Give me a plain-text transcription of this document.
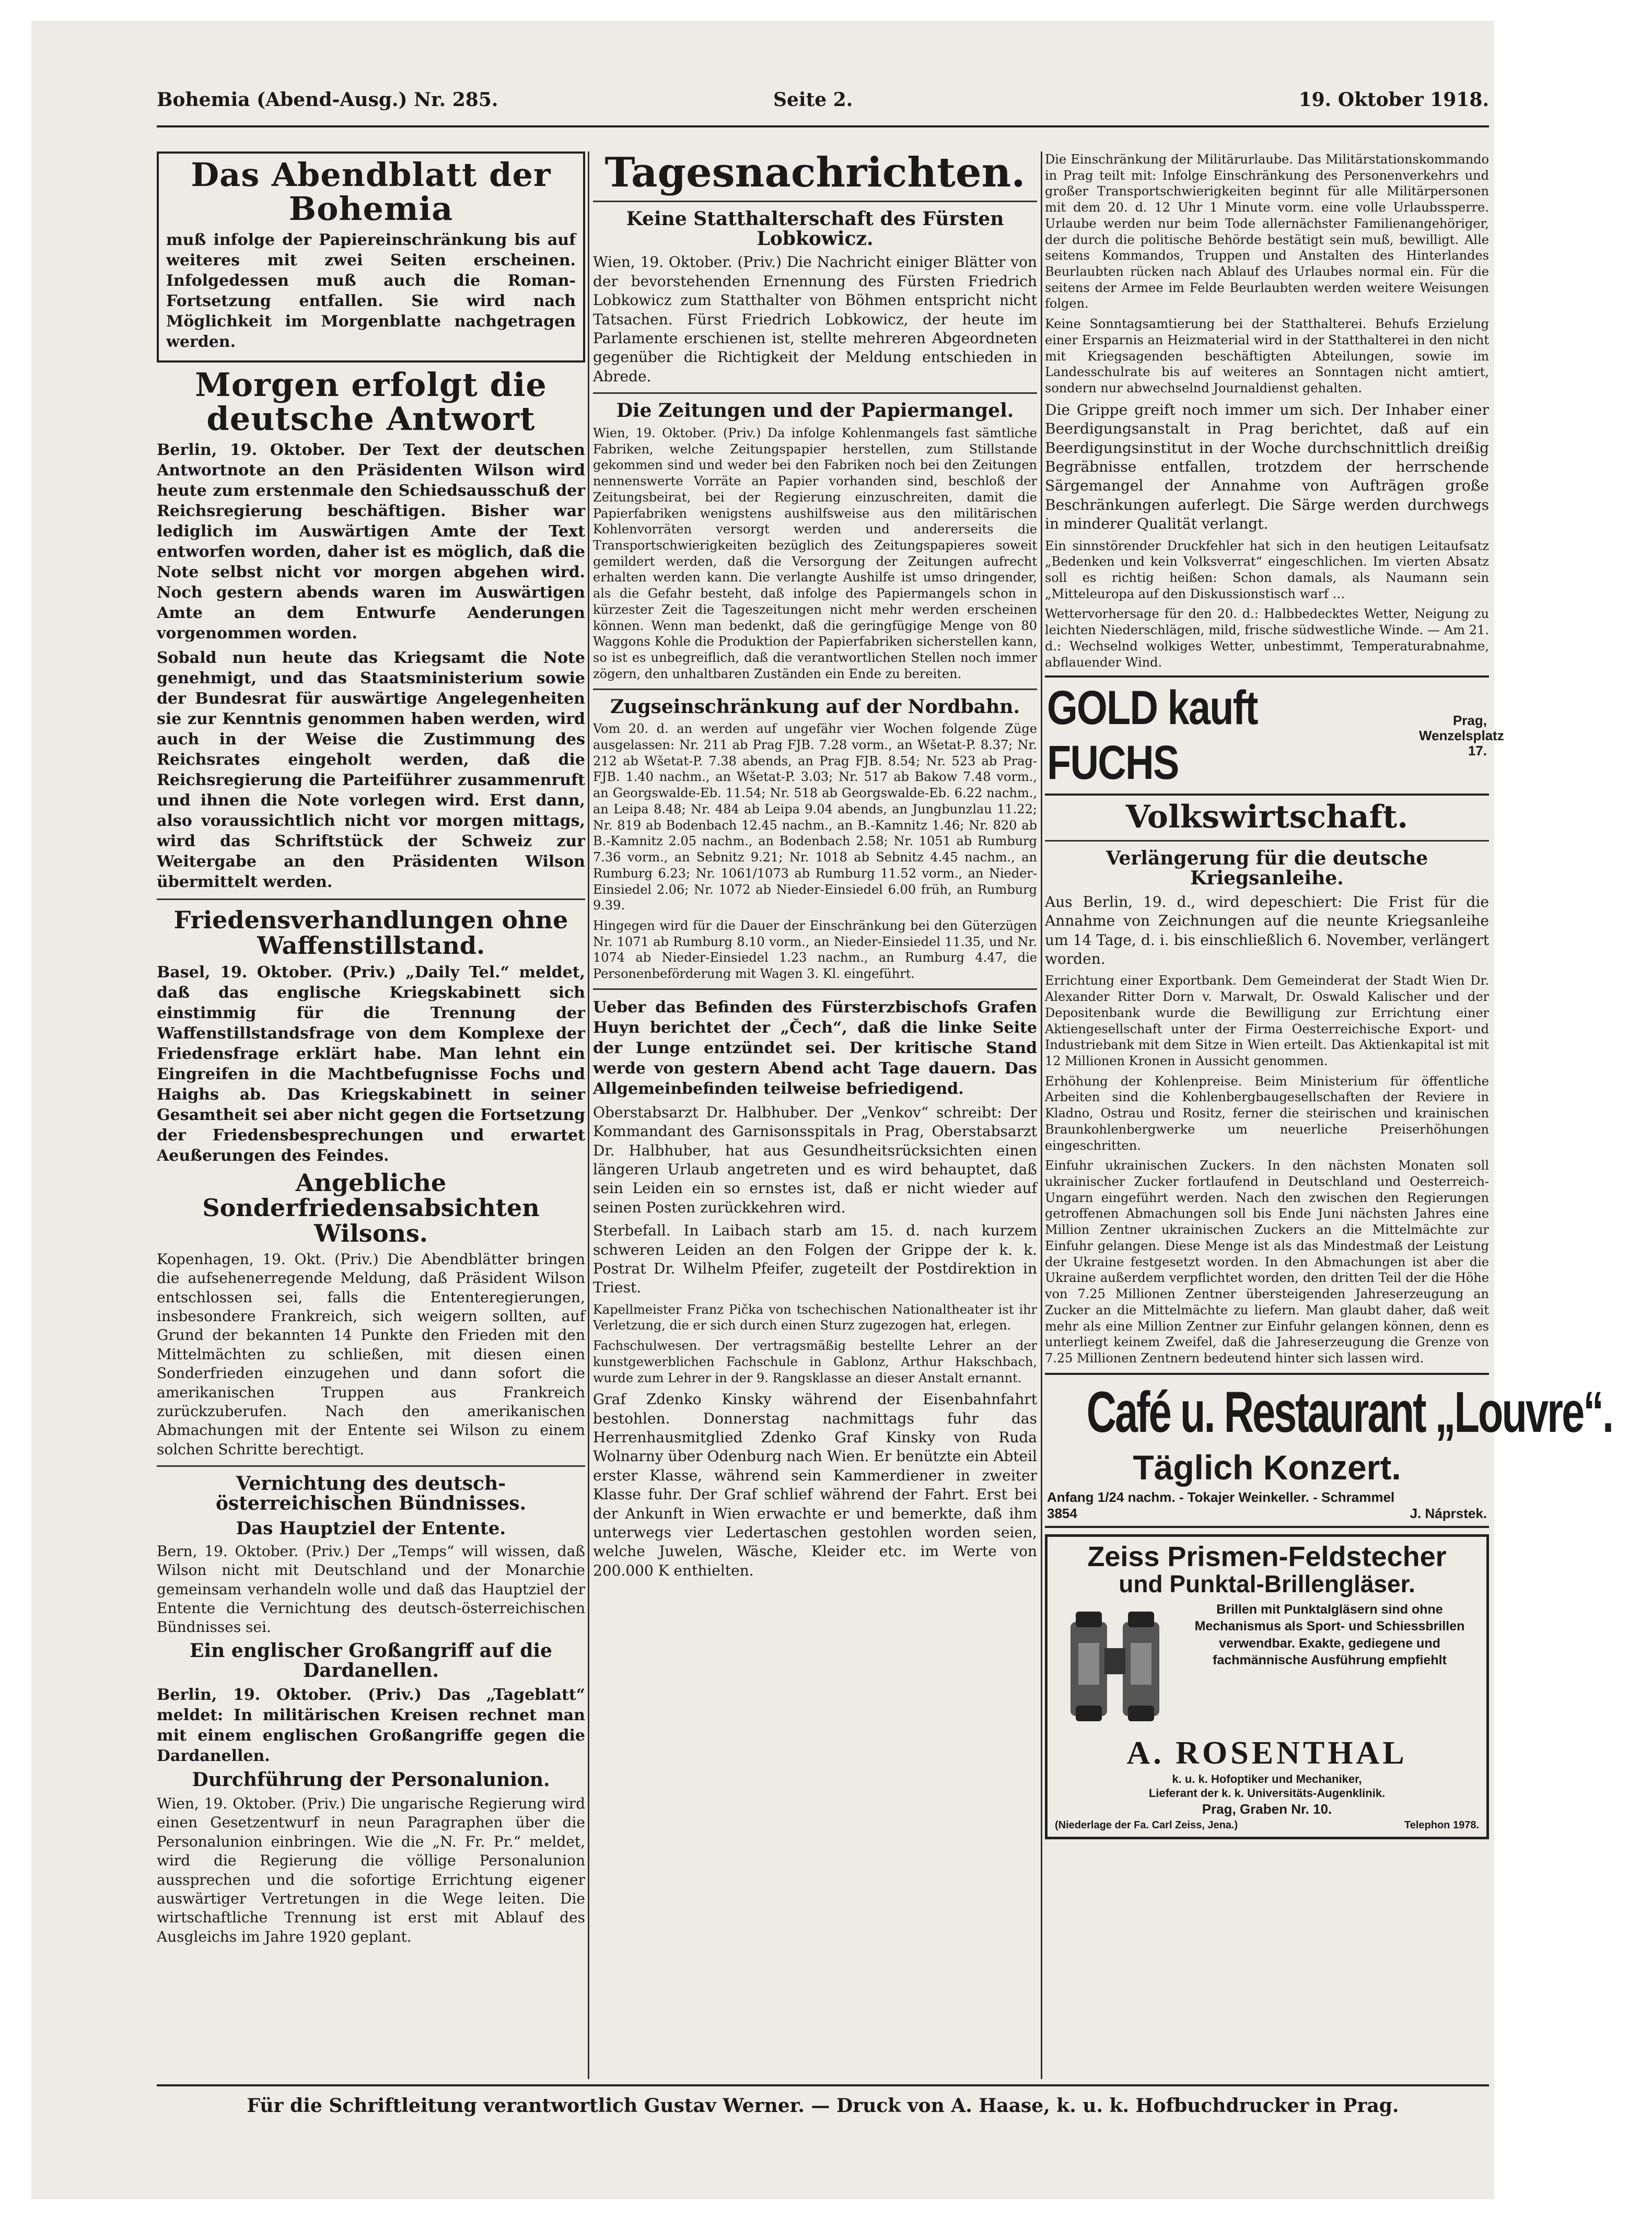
Bohemia (Abend-Ausg.) Nr. 285.	Seite 2.	19. Oktober 1918.
Das Abendblatt der Bohemia

muß infolge der Papiereinschränkung bis auf weiteres mit zwei Seiten erscheinen. Infolgedessen muß auch die Roman-Fortsetzung entfallen. Sie wird nach Möglichkeit im Morgenblatte nachgetragen werden.

Morgen erfolgt die deutsche Antwort

Berlin, 19. Oktober. Der Text der deutschen Antwortnote an den Präsidenten Wilson wird heute zum erstenmale den Schiedsausschuß der Reichsregierung beschäftigen. Bisher war lediglich im Auswärtigen Amte der Text entworfen worden, daher ist es möglich, daß die Note selbst nicht vor morgen abgehen wird. Noch gestern abends waren im Auswärtigen Amte an dem Entwurfe Aenderungen vorgenommen worden.

Sobald nun heute das Kriegsamt die Note genehmigt, und das Staatsministerium sowie der Bundesrat für auswärtige Angelegenheiten sie zur Kenntnis genommen haben werden, wird auch in der Weise die Zustimmung des Reichsrates eingeholt werden, daß die Reichsregierung die Parteiführer zusammenruft und ihnen die Note vorlegen wird. Erst dann, also voraussichtlich nicht vor morgen mittags, wird das Schriftstück der Schweiz zur Weitergabe an den Präsidenten Wilson übermittelt werden.

Friedensverhandlungen ohne Waffenstillstand.

Basel, 19. Oktober. (Priv.) „Daily Tel.“ meldet, daß das englische Kriegskabinett sich einstimmig für die Trennung der Waffenstillstandsfrage von dem Komplexe der Friedensfrage erklärt habe. Man lehnt ein Eingreifen in die Machtbefugnisse Fochs und Haighs ab. Das Kriegskabinett in seiner Gesamtheit sei aber nicht gegen die Fortsetzung der Friedensbesprechungen und erwartet Aeußerungen des Feindes.

Angebliche Sonderfriedensabsichten Wilsons.

Kopenhagen, 19. Okt. (Priv.) Die Abendblätter bringen die aufsehenerregende Meldung, daß Präsident Wilson entschlossen sei, falls die Ententeregierungen, insbesondere Frankreich, sich weigern sollten, auf Grund der bekannten 14 Punkte den Frieden mit den Mittelmächten zu schließen, mit diesen einen Sonderfrieden einzugehen und dann sofort die amerikanischen Truppen aus Frankreich zurückzuberufen. Nach den amerikanischen Abmachungen mit der Entente sei Wilson zu einem solchen Schritte berechtigt.

Vernichtung des deutsch-österreichischen Bündnisses.
Das Hauptziel der Entente.

Bern, 19. Oktober. (Priv.) Der „Temps“ will wissen, daß Wilson nicht mit Deutschland und der Monarchie gemeinsam verhandeln wolle und daß das Hauptziel der Entente die Vernichtung des deutsch-österreichischen Bündnisses sei.

Ein englischer Großangriff auf die Dardanellen.

Berlin, 19. Oktober. (Priv.) Das „Tageblatt“ meldet: In militärischen Kreisen rechnet man mit einem englischen Großangriffe gegen die Dardanellen.

Durchführung der Personalunion.

Wien, 19. Oktober. (Priv.) Die ungarische Regierung wird einen Gesetzentwurf in neun Paragraphen über die Personalunion einbringen. Wie die „N. Fr. Pr.“ meldet, wird die Regierung die völlige Personalunion aussprechen und die sofortige Errichtung eigener auswärtiger Vertretungen in die Wege leiten. Die wirtschaftliche Trennung ist erst mit Ablauf des Ausgleichs im Jahre 1920 geplant.

Tagesnachrichten.
Keine Statthalterschaft des Fürsten Lobkowicz.

Wien, 19. Oktober. (Priv.) Die Nachricht einiger Blätter von der bevorstehenden Ernennung des Fürsten Friedrich Lobkowicz zum Statthalter von Böhmen entspricht nicht Tatsachen. Fürst Friedrich Lobkowicz, der heute im Parlamente erschienen ist, stellte mehreren Abgeordneten gegenüber die Richtigkeit der Meldung entschieden in Abrede.

Die Zeitungen und der Papiermangel.

Wien, 19. Oktober. (Priv.) Da infolge Kohlenmangels fast sämtliche Fabriken, welche Zeitungspapier herstellen, zum Stillstande gekommen sind und weder bei den Fabriken noch bei den Zeitungen nennenswerte Vorräte an Papier vorhanden sind, beschloß der Zeitungsbeirat, bei der Regierung einzuschreiten, damit die Papierfabriken wenigstens aushilfsweise aus den militärischen Kohlenvorräten versorgt werden und andererseits die Transportschwierigkeiten bezüglich des Zeitungspapieres soweit gemildert werden, daß die Versorgung der Zeitungen aufrecht erhalten werden kann. Die verlangte Aushilfe ist umso dringender, als die Gefahr besteht, daß infolge des Papiermangels schon in kürzester Zeit die Tageszeitungen nicht mehr werden erscheinen können. Wenn man bedenkt, daß die geringfügige Menge von 80 Waggons Kohle die Produktion der Papierfabriken sicherstellen kann, so ist es unbegreiflich, daß die verantwortlichen Stellen noch immer zögern, den unhaltbaren Zuständen ein Ende zu bereiten.

Zugseinschränkung auf der Nordbahn.

Vom 20. d. an werden auf ungefähr vier Wochen folgende Züge ausgelassen: Nr. 211 ab Prag FJB. 7.28 vorm., an Wšetat-P. 8.37; Nr. 212 ab Wšetat-P. 7.38 abends, an Prag FJB. 8.54; Nr. 523 ab Prag-FJB. 1.40 nachm., an Wšetat-P. 3.03; Nr. 517 ab Bakow 7.48 vorm., an Georgswalde-Eb. 11.54; Nr. 518 ab Georgswalde-Eb. 6.22 nachm., an Leipa 8.48; Nr. 484 ab Leipa 9.04 abends, an Jungbunzlau 11.22; Nr. 819 ab Bodenbach 12.45 nachm., an B.-Kamnitz 1.46; Nr. 820 ab B.-Kamnitz 2.05 nachm., an Bodenbach 2.58; Nr. 1051 ab Rumburg 7.36 vorm., an Sebnitz 9.21; Nr. 1018 ab Sebnitz 4.45 nachm., an Rumburg 6.23; Nr. 1061/1073 ab Rumburg 11.52 vorm., an Nieder-Einsiedel 2.06; Nr. 1072 ab Nieder-Einsiedel 6.00 früh, an Rumburg 9.39.

Hingegen wird für die Dauer der Einschränkung bei den Güterzügen Nr. 1071 ab Rumburg 8.10 vorm., an Nieder-Einsiedel 11.35, und Nr. 1074 ab Nieder-Einsiedel 1.23 nachm., an Rumburg 4.47, die Personenbeförderung mit Wagen 3. Kl. eingeführt.

Ueber das Befinden des Fürsterzbischofs Grafen Huyn berichtet der „Čech“, daß die linke Seite der Lunge entzündet sei. Der kritische Stand werde von gestern Abend acht Tage dauern. Das Allgemeinbefinden teilweise befriedigend.

Oberstabsarzt Dr. Halbhuber. Der „Venkov“ schreibt: Der Kommandant des Garnisonsspitals in Prag, Oberstabsarzt Dr. Halbhuber, hat aus Gesundheitsrücksichten einen längeren Urlaub angetreten und es wird behauptet, daß sein Leiden ein so ernstes ist, daß er nicht wieder auf seinen Posten zurückkehren wird.

Sterbefall. In Laibach starb am 15. d. nach kurzem schweren Leiden an den Folgen der Grippe der k. k. Postrat Dr. Wilhelm Pfeifer, zugeteilt der Postdirektion in Triest.

Kapellmeister Franz Pička von tschechischen Nationaltheater ist ihr Verletzung, die er sich durch einen Sturz zugezogen hat, erlegen.

Fachschulwesen. Der vertragsmäßig bestellte Lehrer an der kunstgewerblichen Fachschule in Gablonz, Arthur Hakschbach, wurde zum Lehrer in der 9. Rangsklasse an dieser Anstalt ernannt.

Graf Zdenko Kinsky während der Eisenbahnfahrt bestohlen. Donnerstag nachmittags fuhr das Herrenhausmitglied Zdenko Graf Kinsky von Ruda Wolnarny über Odenburg nach Wien. Er benützte ein Abteil erster Klasse, während sein Kammerdiener in zweiter Klasse fuhr. Der Graf schlief während der Fahrt. Erst bei der Ankunft in Wien erwachte er und bemerkte, daß ihm unterwegs vier Ledertaschen gestohlen worden seien, welche Juwelen, Wäsche, Kleider etc. im Werte von 200.000 K enthielten.

Die Einschränkung der Militärurlaube. Das Militärstationskommando in Prag teilt mit: Infolge Einschränkung des Personenverkehrs und großer Transportschwierigkeiten beginnt für alle Militärpersonen mit dem 20. d. 12 Uhr 1 Minute vorm. eine volle Urlaubssperre. Urlaube werden nur beim Tode allernächster Familienangehöriger, der durch die politische Behörde bestätigt sein muß, bewilligt. Alle seitens Kommandos, Truppen und Anstalten des Hinterlandes Beurlaubten rücken nach Ablauf des Urlaubes normal ein. Für die seitens der Armee im Felde Beurlaubten werden weitere Weisungen folgen.

Keine Sonntagsamtierung bei der Statthalterei. Behufs Erzielung einer Ersparnis an Heizmaterial wird in der Statthalterei in den nicht mit Kriegsagenden beschäftigten Abteilungen, sowie im Landesschulrate bis auf weiteres an Sonntagen nicht amtiert, sondern nur abwechselnd Journaldienst gehalten.

Die Grippe greift noch immer um sich. Der Inhaber einer Beerdigungsanstalt in Prag berichtet, daß auf ein Beerdigungsinstitut in der Woche durchschnittlich dreißig Begräbnisse entfallen, trotzdem der herrschende Särgemangel der Annahme von Aufträgen große Beschränkungen auferlegt. Die Särge werden durchwegs in minderer Qualität verlangt.

Ein sinnstörender Druckfehler hat sich in den heutigen Leitaufsatz „Bedenken und kein Volksverrat“ eingeschlichen. Im vierten Absatz soll es richtig heißen: Schon damals, als Naumann sein „Mitteleuropa auf den Diskussionstisch warf …

Wettervorhersage für den 20. d.: Halbbedecktes Wetter, Neigung zu leichten Niederschlägen, mild, frische südwestliche Winde. — Am 21. d.: Wechselnd wolkiges Wetter, unbestimmt, Temperaturabnahme, abflauender Wind.

GOLD kauft FUCHS
Prag, Wenzelsplatz 17.
Volkswirtschaft.
Verlängerung für die deutsche Kriegsanleihe.

Aus Berlin, 19. d., wird depeschiert: Die Frist für die Annahme von Zeichnungen auf die neunte Kriegsanleihe um 14 Tage, d. i. bis einschließlich 6. November, verlängert worden.

Errichtung einer Exportbank. Dem Gemeinderat der Stadt Wien Dr. Alexander Ritter Dorn v. Marwalt, Dr. Oswald Kalischer und der Depositenbank wurde die Bewilligung zur Errichtung einer Aktiengesellschaft unter der Firma Oesterreichische Export- und Industriebank mit dem Sitze in Wien erteilt. Das Aktienkapital ist mit 12 Millionen Kronen in Aussicht genommen.

Erhöhung der Kohlenpreise. Beim Ministerium für öffentliche Arbeiten sind die Kohlenbergbaugesellschaften der Reviere in Kladno, Ostrau und Rositz, ferner die steirischen und krainischen Braunkohlenbergwerke um neuerliche Preiserhöhungen eingeschritten.

Einfuhr ukrainischen Zuckers. In den nächsten Monaten soll ukrainischer Zucker fortlaufend in Deutschland und Oesterreich-Ungarn eingeführt werden. Nach den zwischen den Regierungen getroffenen Abmachungen soll bis Ende Juni nächsten Jahres eine Million Zentner ukrainischen Zuckers an die Mittelmächte zur Einfuhr gelangen. Diese Menge ist als das Mindestmaß der Leistung der Ukraine festgesetzt worden. In den Abmachungen ist aber die Ukraine außerdem verpflichtet worden, den dritten Teil der die Höhe von 7.25 Millionen Zentner übersteigenden Jahreserzeugung an Zucker an die Mittelmächte zu liefern. Man glaubt daher, daß weit mehr als eine Million Zentner zur Einfuhr gelangen können, denn es unterliegt keinem Zweifel, daß die Jahreserzeugung die Grenze von 7.25 Millionen Zentnern bedeutend hinter sich lassen wird.

Café u. Restaurant „Louvre“.
Täglich Konzert.
Anfang 1/24 nachm. - Tokajer Weinkeller. - Schrammel
3854	J. Náprstek.
Zeiss Prismen-Feldstecher
und Punktal-Brillengläser.
Brillen mit Punktalgläsern sind ohne Mechanismus als Sport- und Schiessbrillen verwendbar. Exakte, gediegene und fachmännische Ausführung empfiehlt
A. ROSENTHAL
k. u. k. Hofoptiker und Mechaniker,
Lieferant der k. k. Universitäts-Augenklinik.
Prag, Graben Nr. 10.
(Niederlage der Fa. Carl Zeiss, Jena.)	Telephon 1978.
Für die Schriftleitung verantwortlich Gustav Werner. — Druck von A. Haase, k. u. k. Hofbuchdrucker in Prag.
